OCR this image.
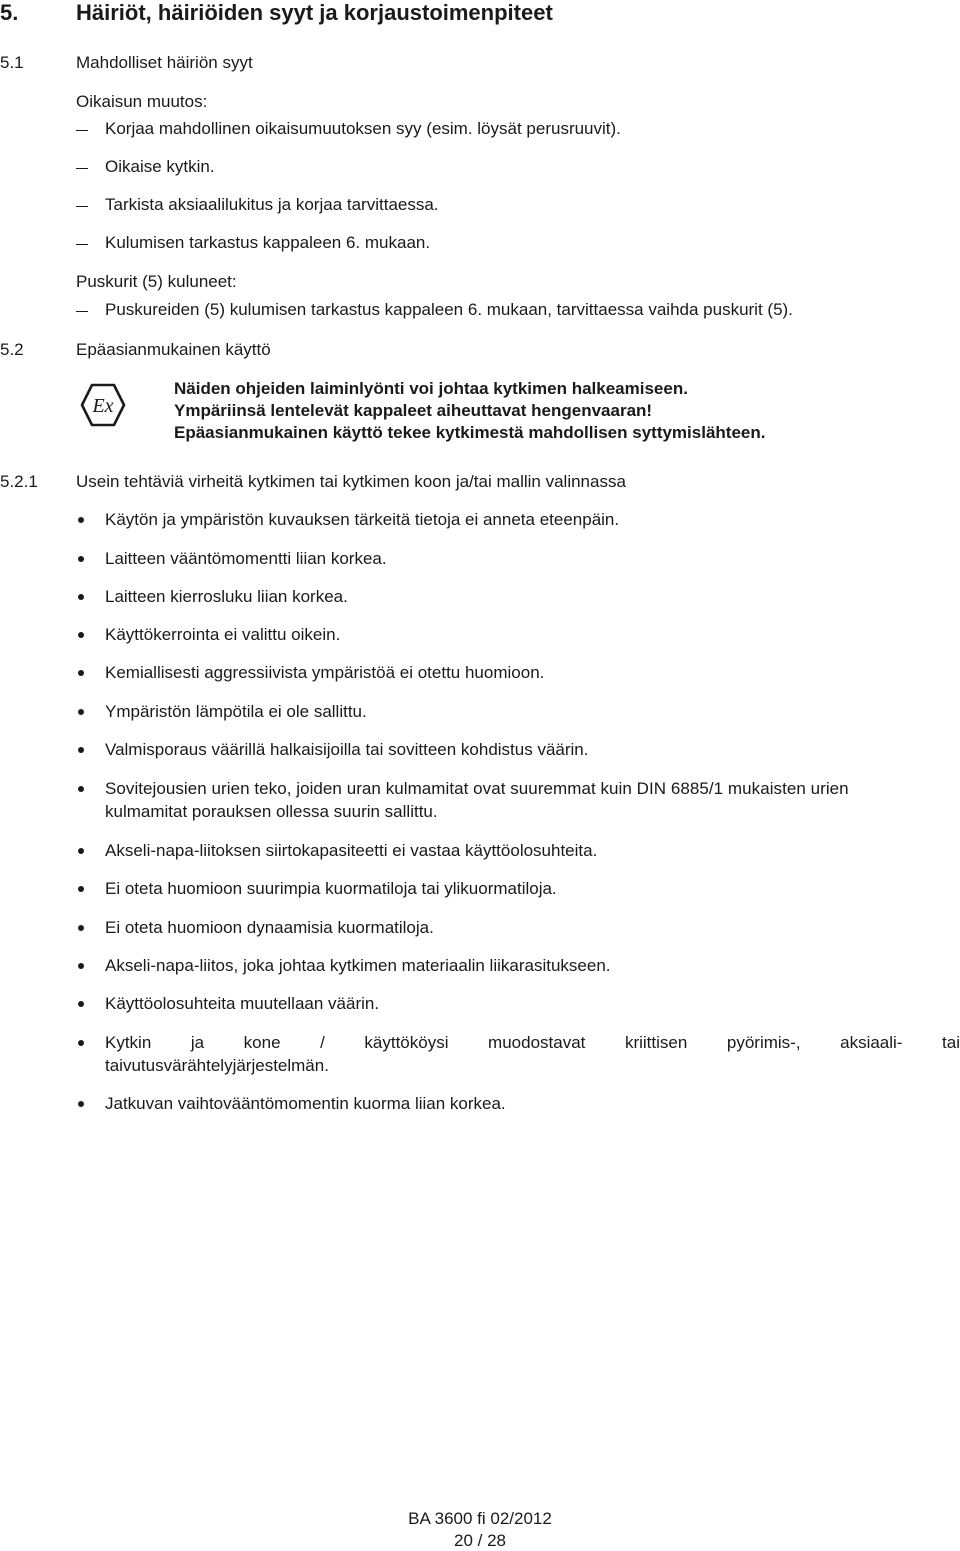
5.	Häiriöt, häiriöiden syyt ja korjaustoimenpiteet
5.1	Mahdolliset häiriön syyt
Oikaisun muutos:
Korjaa mahdollinen oikaisumuutoksen syy (esim. löysät perusruuvit).
Oikaise kytkin.
Tarkista aksiaalilukitus ja korjaa tarvittaessa.
Kulumisen tarkastus kappaleen 6. mukaan.
Puskurit (5) kuluneet:
Puskureiden (5) kulumisen tarkastus kappaleen 6. mukaan, tarvittaessa vaihda puskurit (5).
5.2	Epäasianmukainen käyttö
Ex
Näiden ohjeiden laiminlyönti voi johtaa kytkimen halkeamiseen.
Ympäriinsä lentelevät kappaleet aiheuttavat hengenvaaran!
Epäasianmukainen käyttö tekee kytkimestä mahdollisen syttymislähteen.
5.2.1 Usein tehtäviä virheitä kytkimen tai kytkimen koon ja/tai mallin valinnassa
Käytön ja ympäristön kuvauksen tärkeitä tietoja ei anneta eteenpäin.
Laitteen vääntömomentti liian korkea.
Laitteen kierrosluku liian korkea.
Käyttökerrointa ei valittu oikein.
Kemiallisesti aggressiivista ympäristöä ei otettu huomioon.
Ympäristön lämpötila ei ole sallittu.
Valmisporaus väärillä halkaisijoilla tai sovitteen kohdistus väärin.
Sovitejousien urien teko, joiden uran kulmamitat ovat suuremmat kuin DIN 6885/1 mukaisten urien
kulmamitat porauksen ollessa suurin sallittu.
Akseli-napa-liitoksen siirtokapasiteetti ei vastaa käyttöolosuhteita.
Ei oteta huomioon suurimpia kuormatiloja tai ylikuormatiloja.
Ei oteta huomioon dynaamisia kuormatiloja.
Akseli-napa-liitos, joka johtaa kytkimen materiaalin liikarasitukseen.
Käyttöolosuhteita muutellaan väärin.
Kytkin ja kone / käyttököysi muodostavat kriittisen pyörimis-, aksiaali- tai
taivutusvärähtelyjärjestelmän.
Jatkuvan vaihtovääntömomentin kuorma liian korkea.
BA 3600 fi 02/2012
20 / 28
